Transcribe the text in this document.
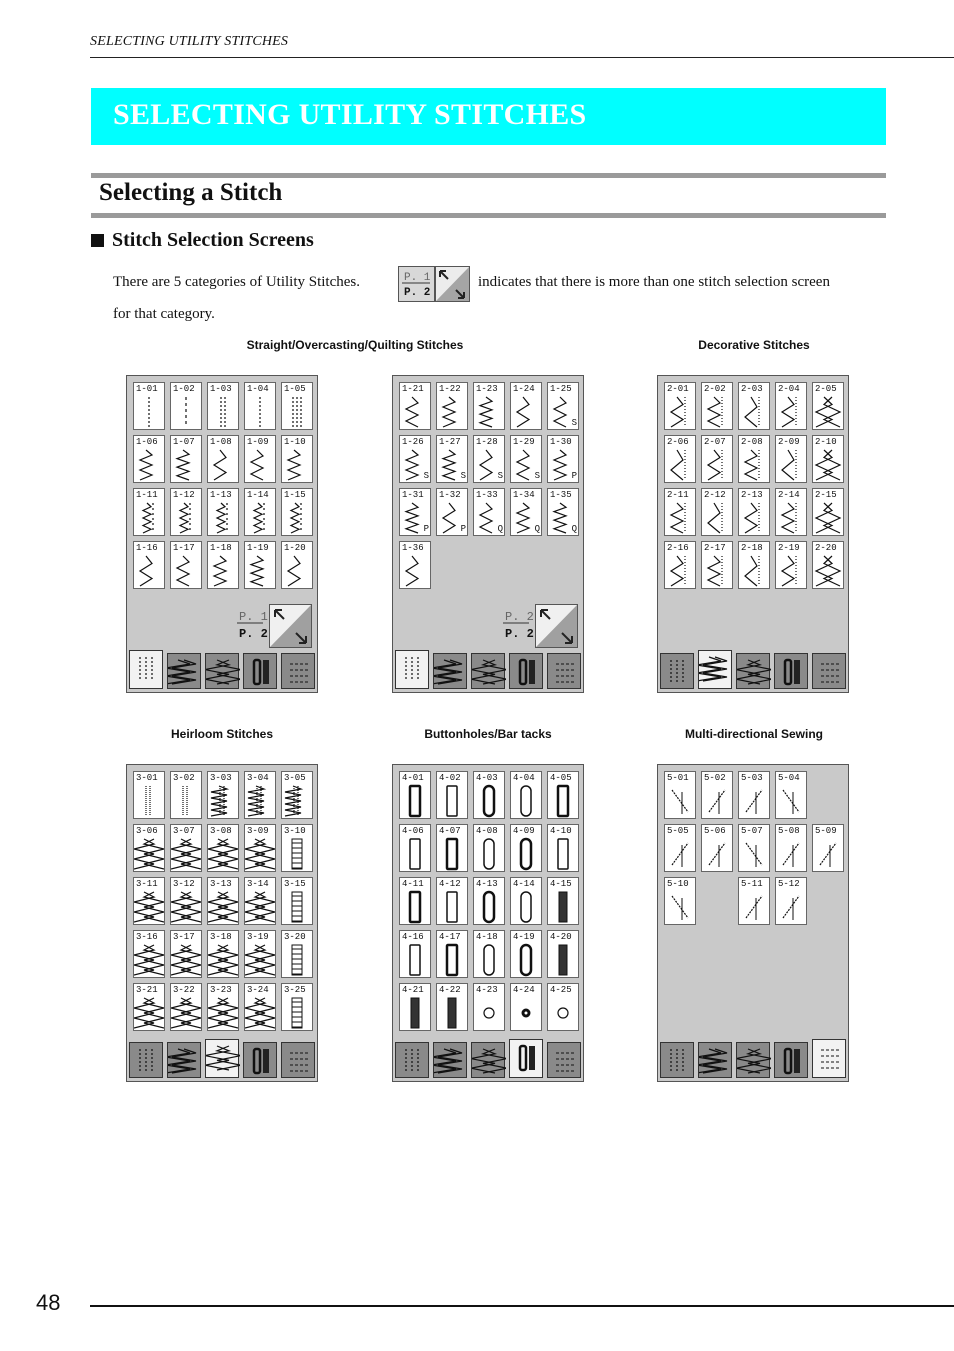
SELECTING UTILITY STITCHES
SELECTING UTILITY STITCHES
Selecting a Stitch
Stitch Selection Screens
There are 5 categories of Utility Stitches.	P. 1
P. 2
indicates that there is more than one stitch selection screen
for that category.
Straight/Overcasting/Quilting Stitches	Decorative Stitches
1-01 1-02 1-03 1-04 1-05
1-06 1-07 1-08 1-09 1-10
1-11 1-12 1-13 1-14 1-15
1-16 1-17 1-18 1-19 1-20
P. 1
P. 2
1-21 1-22 1-23 1-24 1-25
S
1-26
S
1-27
S
1-28
S
1-29
S
1-30
P
1-31
P
1-32
P
1-33
Q
1-34
Q
1-35
Q
1-36
P. 2
P. 2
2-01 2-02 2-03 2-04 2-05
2-06 2-07 2-08 2-09 2-10
2-11 2-12 2-13 2-14 2-15
2-16 2-17 2-18 2-19 2-20
Heirloom Stitches	Buttonholes/Bar tacks	Multi-directional Sewing
3-01 3-02 3-03 3-04 3-05
3-06 3-07 3-08 3-09 3-10
3-11 3-12 3-13 3-14 3-15
3-16 3-17 3-18 3-19 3-20
3-21 3-22 3-23 3-24 3-25
4-01 4-02 4-03 4-04 4-05
4-06 4-07 4-08 4-09 4-10
4-11 4-12 4-13 4-14 4-15
4-16 4-17 4-18 4-19 4-20
4-21 4-22 4-23 4-24 4-25
5-01 5-02 5-03 5-04
5-05 5-06 5-07 5-08 5-09
5-10	5-11 5-12
48
